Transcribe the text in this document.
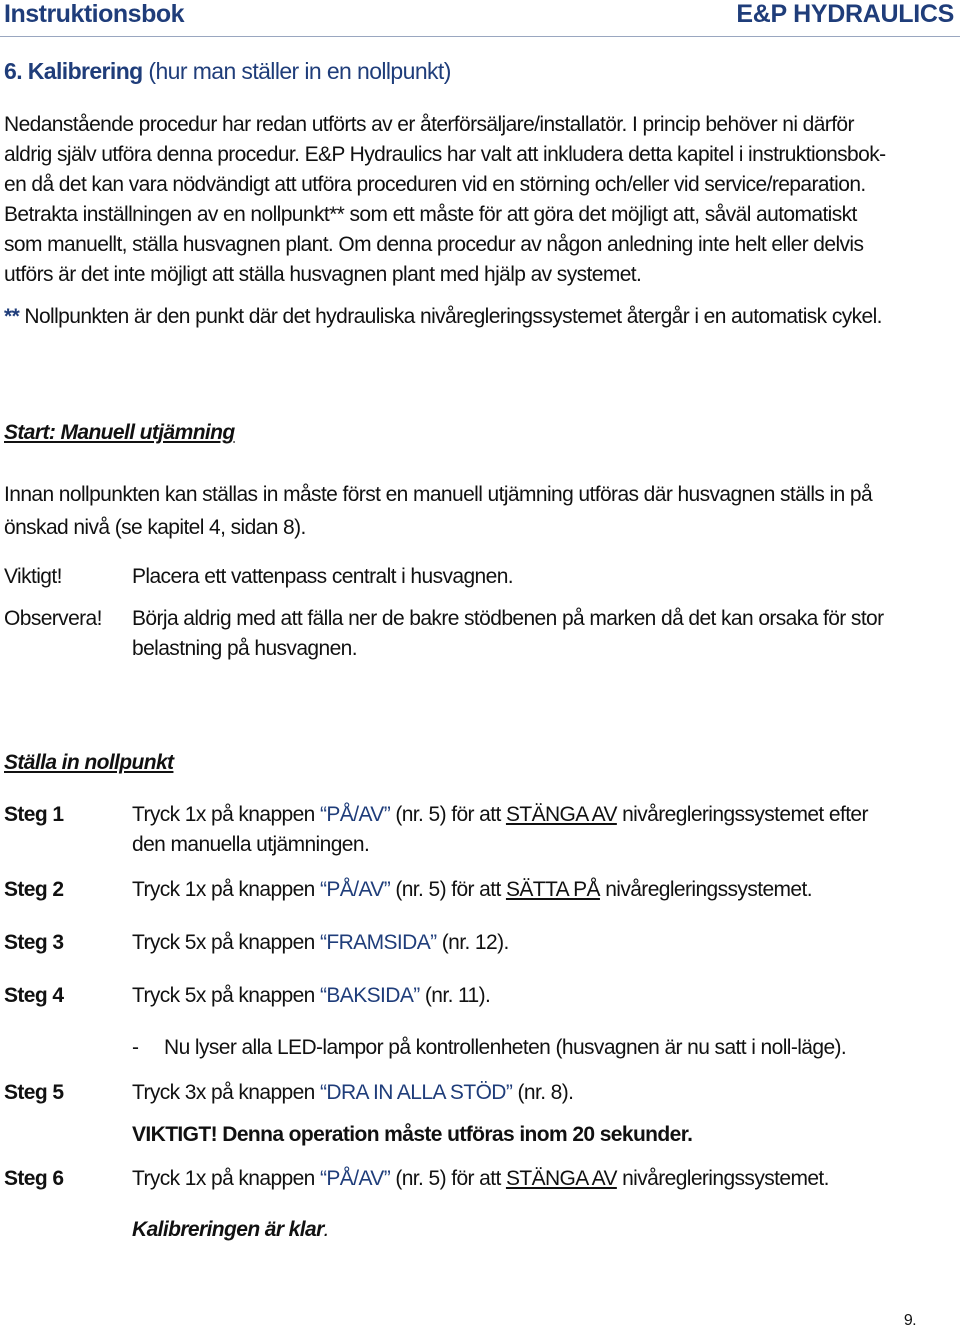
Instruktionsbok	E&P HYDRAULICS
6. Kalibrering (hur man ställer in en nollpunkt)
Nedanstående procedur har redan utförts av er återförsäljare/installatör. I princip behöver ni därför
aldrig själv utföra denna procedur. E&P Hydraulics har valt att inkludera detta kapitel i instruktionsbok-
en då det kan vara nödvändigt att utföra proceduren vid en störning och/eller vid service/reparation.
Betrakta inställningen av en nollpunkt** som ett måste för att göra det möjligt att, såväl automatiskt
som manuellt, ställa husvagnen plant. Om denna procedur av någon anledning inte helt eller delvis
utförs är det inte möjligt att ställa husvagnen plant med hjälp av systemet.
** Nollpunkten är den punkt där det hydrauliska nivåregleringssystemet återgår i en automatisk cykel.
Start: Manuell utjämning
Innan nollpunkten kan ställas in måste först en manuell utjämning utföras där husvagnen ställs in på
önskad nivå (se kapitel 4, sidan 8).
Viktigt!	Placera ett vattenpass centralt i husvagnen.
Observera! Börja aldrig med att fälla ner de bakre stödbenen på marken då det kan orsaka för stor
belastning på husvagnen.
Ställa in nollpunkt
Steg 1	Tryck 1x på knappen “PÅ/AV” (nr. 5) för att STÄNGA AV nivåregleringssystemet efter
den manuella utjämningen.
Steg 2	Tryck 1x på knappen “PÅ/AV” (nr. 5) för att SÄTTA PÅ nivåregleringssystemet.
Steg 3	Tryck 5x på knappen “FRAMSIDA” (nr. 12).
Steg 4	Tryck 5x på knappen “BAKSIDA” (nr. 11).
- Nu lyser alla LED-lampor på kontrollenheten (husvagnen är nu satt i noll-läge).
Steg 5	Tryck 3x på knappen “DRA IN ALLA STÖD” (nr. 8).
VIKTIGT! Denna operation måste utföras inom 20 sekunder.
Steg 6	Tryck 1x på knappen “PÅ/AV” (nr. 5) för att STÄNGA AV nivåregleringssystemet.
Kalibreringen är klar.
9.
